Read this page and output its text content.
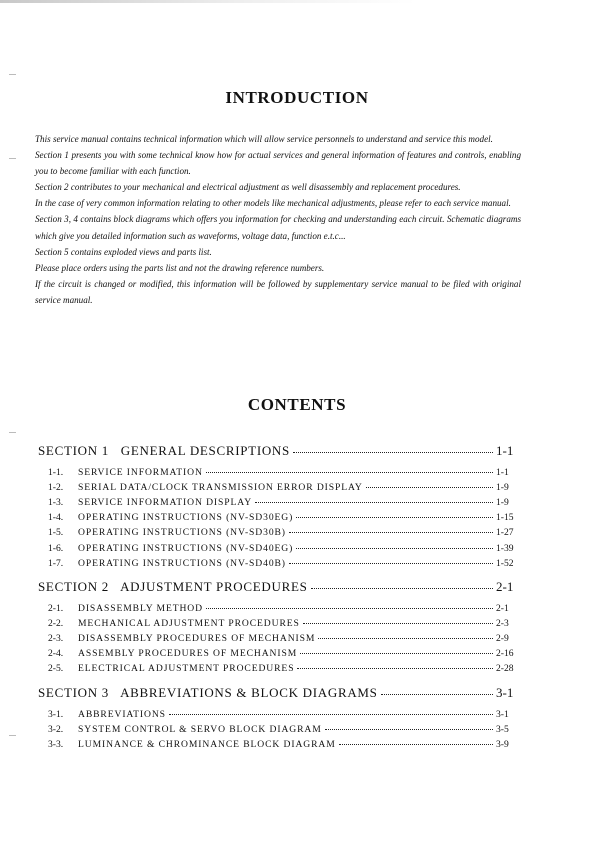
INTRODUCTION

This service manual contains technical information which will allow service personnels to understand and service this model.

Section 1 presents you with some technical know how for actual services and general information of features and controls, enabling you to become familiar with each function.

Section 2 contributes to your mechanical and electrical adjustment as well disassembly and replacement procedures.

In the case of very common information relating to other models like mechanical adjustments, please refer to each service manual.

Section 3, 4 contains block diagrams which offers you information for checking and understanding each circuit. Schematic diagrams which give you detailed information such as waveforms, voltage data, function e.t.c...

Section 5 contains exploded views and parts list.

Please place orders using the parts list and not the drawing reference numbers.

If the circuit is changed or modified, this information will be followed by supplementary service manual to be filed with original service manual.

CONTENTS
SECTION 1   GENERAL DESCRIPTIONS	1-1
1-1.	SERVICE INFORMATION	1-1
1-2.	SERIAL DATA/CLOCK TRANSMISSION ERROR DISPLAY	1-9
1-3.	SERVICE INFORMATION DISPLAY	1-9
1-4.	OPERATING INSTRUCTIONS (NV-SD30EG)	1-15
1-5.	OPERATING INSTRUCTIONS (NV-SD30B)	1-27
1-6.	OPERATING INSTRUCTIONS (NV-SD40EG)	1-39
1-7.	OPERATING INSTRUCTIONS (NV-SD40B)	1-52
SECTION 2   ADJUSTMENT PROCEDURES	2-1
2-1.	DISASSEMBLY METHOD	2-1
2-2.	MECHANICAL ADJUSTMENT PROCEDURES	2-3
2-3.	DISASSEMBLY PROCEDURES OF MECHANISM	2-9
2-4.	ASSEMBLY PROCEDURES OF MECHANISM	2-16
2-5.	ELECTRICAL ADJUSTMENT PROCEDURES	2-28
SECTION 3   ABBREVIATIONS & BLOCK DIAGRAMS	3-1
3-1.	ABBREVIATIONS	3-1
3-2.	SYSTEM CONTROL & SERVO BLOCK DIAGRAM	3-5
3-3.	LUMINANCE & CHROMINANCE BLOCK DIAGRAM	3-9
